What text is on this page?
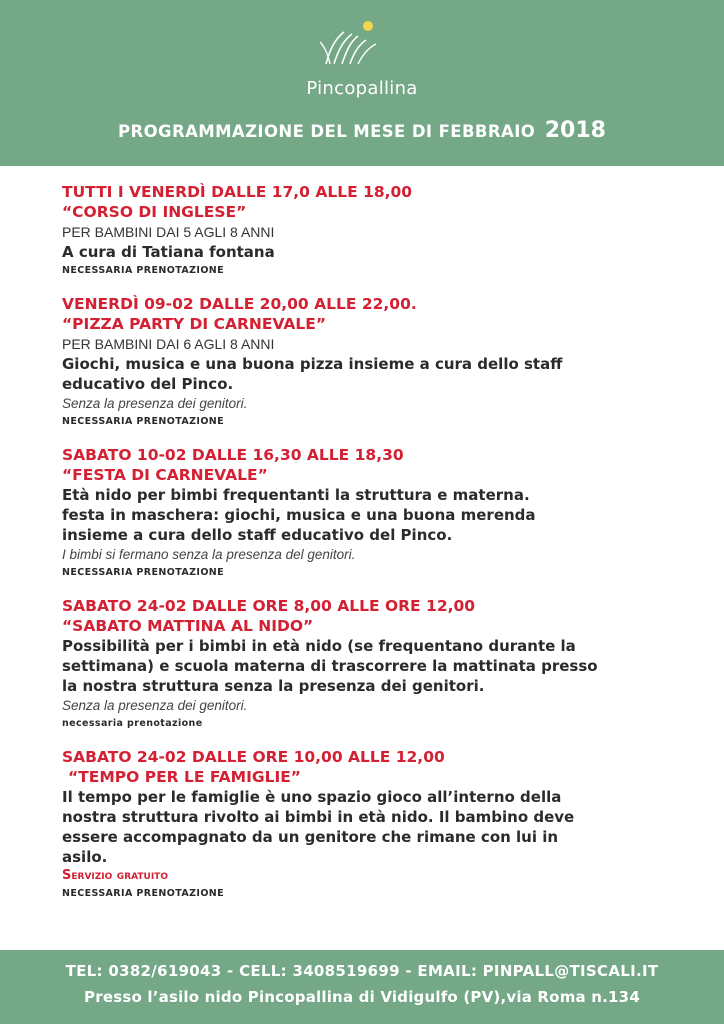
Pincopallina
PROGRAMMAZIONE DEL MESE DI FEBBRAIO 2018
TUTTI I VENERDÌ DALLE 17,0 ALLE 18,00
“CORSO DI INGLESE”
PER BAMBINI DAI 5 AGLI 8 ANNI
A cura di Tatiana fontana
NECESSARIA PRENOTAZIONE
VENERDÌ 09-02 DALLE 20,00 ALLE 22,00.
“PIZZA PARTY DI CARNEVALE”
PER BAMBINI DAI 6 AGLI 8 ANNI
Giochi, musica e una buona pizza insieme a cura dello staff
educativo del Pinco.
Senza la presenza dei genitori.
NECESSARIA PRENOTAZIONE
SABATO 10-02 DALLE 16,30 ALLE 18,30
“FESTA DI CARNEVALE”
Età nido per bimbi frequentanti la struttura e materna.
festa in maschera: giochi, musica e una buona merenda
insieme a cura dello staff educativo del Pinco.
I bimbi si fermano senza la presenza del genitori.
NECESSARIA PRENOTAZIONE
SABATO 24-02 DALLE ORE 8,00 ALLE ORE 12,00
“SABATO MATTINA AL NIDO”
Possibilità per i bimbi in età nido (se frequentano durante la
settimana) e scuola materna di trascorrere la mattinata presso
la nostra struttura senza la presenza dei genitori.
Senza la presenza dei genitori.
necessaria prenotazione
SABATO 24-02 DALLE ORE 10,00 ALLE 12,00
“TEMPO PER LE FAMIGLIE”
Il tempo per le famiglie è uno spazio gioco all’interno della
nostra struttura rivolto ai bimbi in età nido. Il bambino deve
essere accompagnato da un genitore che rimane con lui in
asilo.
Servizio gratuito
NECESSARIA PRENOTAZIONE
TEL: 0382/619043 - CELL: 3408519699 - EMAIL: PINPALL@TISCALI.IT
Presso l’asilo nido Pincopallina di Vidigulfo (PV),via Roma n.134
